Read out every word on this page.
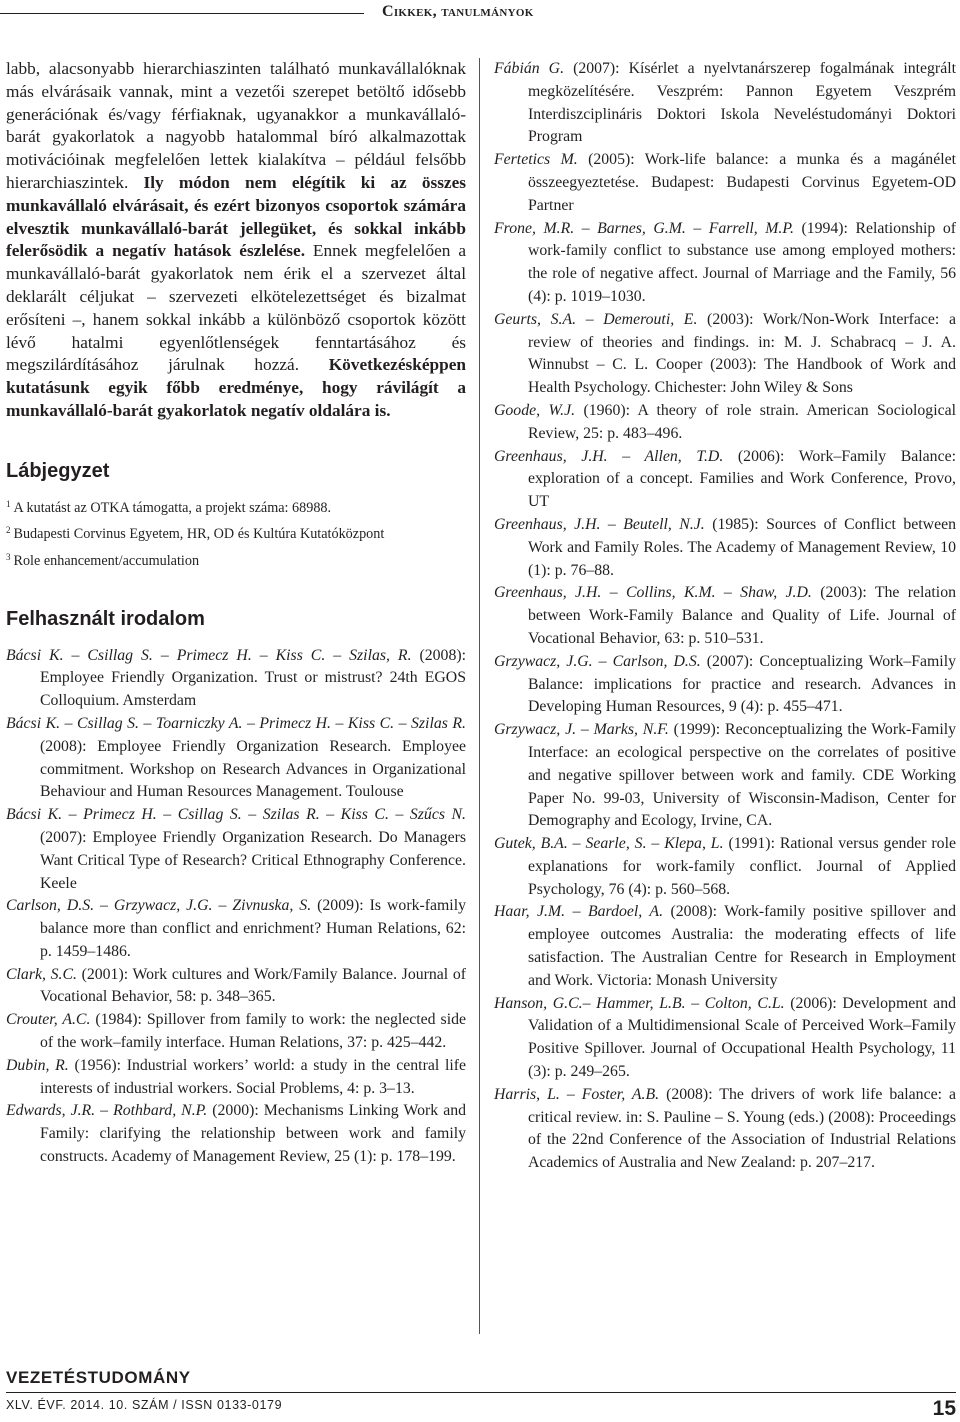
Cikkek, tanulmányok

labb, alacsonyabb hierarchiaszinten található munkavállalóknak más elvárásaik vannak, mint a vezetői szerepet betöltő idősebb generációnak és/vagy férfiaknak, ugyanakkor a munkavállaló-barát gyakorlatok a nagyobb hatalommal bíró alkalmazottak motivációinak megfelelően lettek kialakítva – például felsőbb hierarchiaszintek. Ily módon nem elégítik ki az összes munkavállaló elvárásait, és ezért bizonyos csoportok számára elvesztik munkavállaló-barát jellegüket, és sokkal inkább felerősödik a negatív hatások észlelése. Ennek megfelelően a munkavállaló-barát gyakorlatok nem érik el a szervezet által deklarált céljukat – szervezeti elkötelezettséget és bizalmat erősíteni –, hanem sokkal inkább a különböző csoportok között lévő hatalmi egyenlőtlenségek fenntartásához és megszilárdításához járulnak hozzá. Következésképpen kutatásunk egyik főbb eredménye, hogy rávilágít a munkavállaló-barát gyakorlatok negatív oldalára is.

Lábjegyzet
$^1$ A kutatást az OTKA támogatta, a projekt száma: 68988.
$^2$ Budapesti Corvinus Egyetem, HR, OD és Kultúra Kutatóközpont
$^3$ Role enhancement/accumulation
Felhasznált irodalom
Bácsi K. – Csillag S. – Primecz H. – Kiss C. – Szilas, R. (2008): Employee Friendly Organization. Trust or mistrust? 24th EGOS Colloquium. Amsterdam
Bácsi K. – Csillag S. – Toarniczky A. – Primecz H. – Kiss C. – Szilas R. (2008): Employee Friendly Organization Research. Employee commitment. Workshop on Research Advances in Organizational Behaviour and Human Resources Management. Toulouse
Bácsi K. – Primecz H. – Csillag S. – Szilas R. – Kiss C. – Szűcs N. (2007): Employee Friendly Organization Research. Do Managers Want Critical Type of Research? Critical Ethnography Conference. Keele
Carlson, D.S. – Grzywacz, J.G. – Zivnuska, S. (2009): Is work-family balance more than conflict and enrichment? Human Relations, 62: p. 1459–1486.
Clark, S.C. (2001): Work cultures and Work/Family Balance. Journal of Vocational Behavior, 58: p. 348–365.
Crouter, A.C. (1984): Spillover from family to work: the neglected side of the work–family interface. Human Relations, 37: p. 425–442.
Dubin, R. (1956): Industrial workers’ world: a study in the central life interests of industrial workers. Social Problems, 4: p. 3–13.
Edwards, J.R. – Rothbard, N.P. (2000): Mechanisms Linking Work and Family: clarifying the relationship between work and family constructs. Academy of Management Review, 25 (1): p. 178–199.
Fábián G. (2007): Kísérlet a nyelvtanárszerep fogalmának integrált megközelítésére. Veszprém: Pannon Egyetem Veszprém Interdiszciplináris Doktori Iskola Neveléstudományi Doktori Program
Fertetics M. (2005): Work-life balance: a munka és a magánélet összeegyeztetése. Budapest: Budapesti Corvinus Egyetem-OD Partner
Frone, M.R. – Barnes, G.M. – Farrell, M.P. (1994): Relationship of work-family conflict to substance use among employed mothers: the role of negative affect. Journal of Marriage and the Family, 56 (4): p. 1019–1030.
Geurts, S.A. – Demerouti, E. (2003): Work/Non-Work Interface: a review of theories and findings. in: M. J. Schabracq – J. A. Winnubst – C. L. Cooper (2003): The Handbook of Work and Health Psychology. Chichester: John Wiley & Sons
Goode, W.J. (1960): A theory of role strain. American Sociological Review, 25: p. 483–496.
Greenhaus, J.H. – Allen, T.D. (2006): Work–Family Balance: exploration of a concept. Families and Work Conference, Provo, UT
Greenhaus, J.H. – Beutell, N.J. (1985): Sources of Conflict between Work and Family Roles. The Academy of Management Review, 10 (1): p. 76–88.
Greenhaus, J.H. – Collins, K.M. – Shaw, J.D. (2003): The relation between Work-Family Balance and Quality of Life. Journal of Vocational Behavior, 63: p. 510–531.
Grzywacz, J.G. – Carlson, D.S. (2007): Conceptualizing Work–Family Balance: implications for practice and research. Advances in Developing Human Resources, 9 (4): p. 455–471.
Grzywacz, J. – Marks, N.F. (1999): Reconceptualizing the Work-Family Interface: an ecological perspective on the correlates of positive and negative spillover between work and family. CDE Working Paper No. 99-03, University of Wisconsin-Madison, Center for Demography and Ecology, Irvine, CA.
Gutek, B.A. – Searle, S. – Klepa, L. (1991): Rational versus gender role explanations for work-family conflict. Journal of Applied Psychology, 76 (4): p. 560–568.
Haar, J.M. – Bardoel, A. (2008): Work-family positive spillover and employee outcomes Australia: the moderating effects of life satisfaction. The Australian Centre for Research in Employment and Work. Victoria: Monash University
Hanson, G.C.– Hammer, L.B. – Colton, C.L. (2006): Development and Validation of a Multidimensional Scale of Perceived Work–Family Positive Spillover. Journal of Occupational Health Psychology, 11 (3): p. 249–265.
Harris, L. – Foster, A.B. (2008): The drivers of work life balance: a critical review. in: S. Pauline – S. Young (eds.) (2008): Proceedings of the 22nd Conference of the Association of Industrial Relations Academics of Australia and New Zealand: p. 207–217.
VEZETÉSTUDOMÁNY
XLV. ÉVF. 2014. 10. SZÁM / ISSN 0133-0179	15
